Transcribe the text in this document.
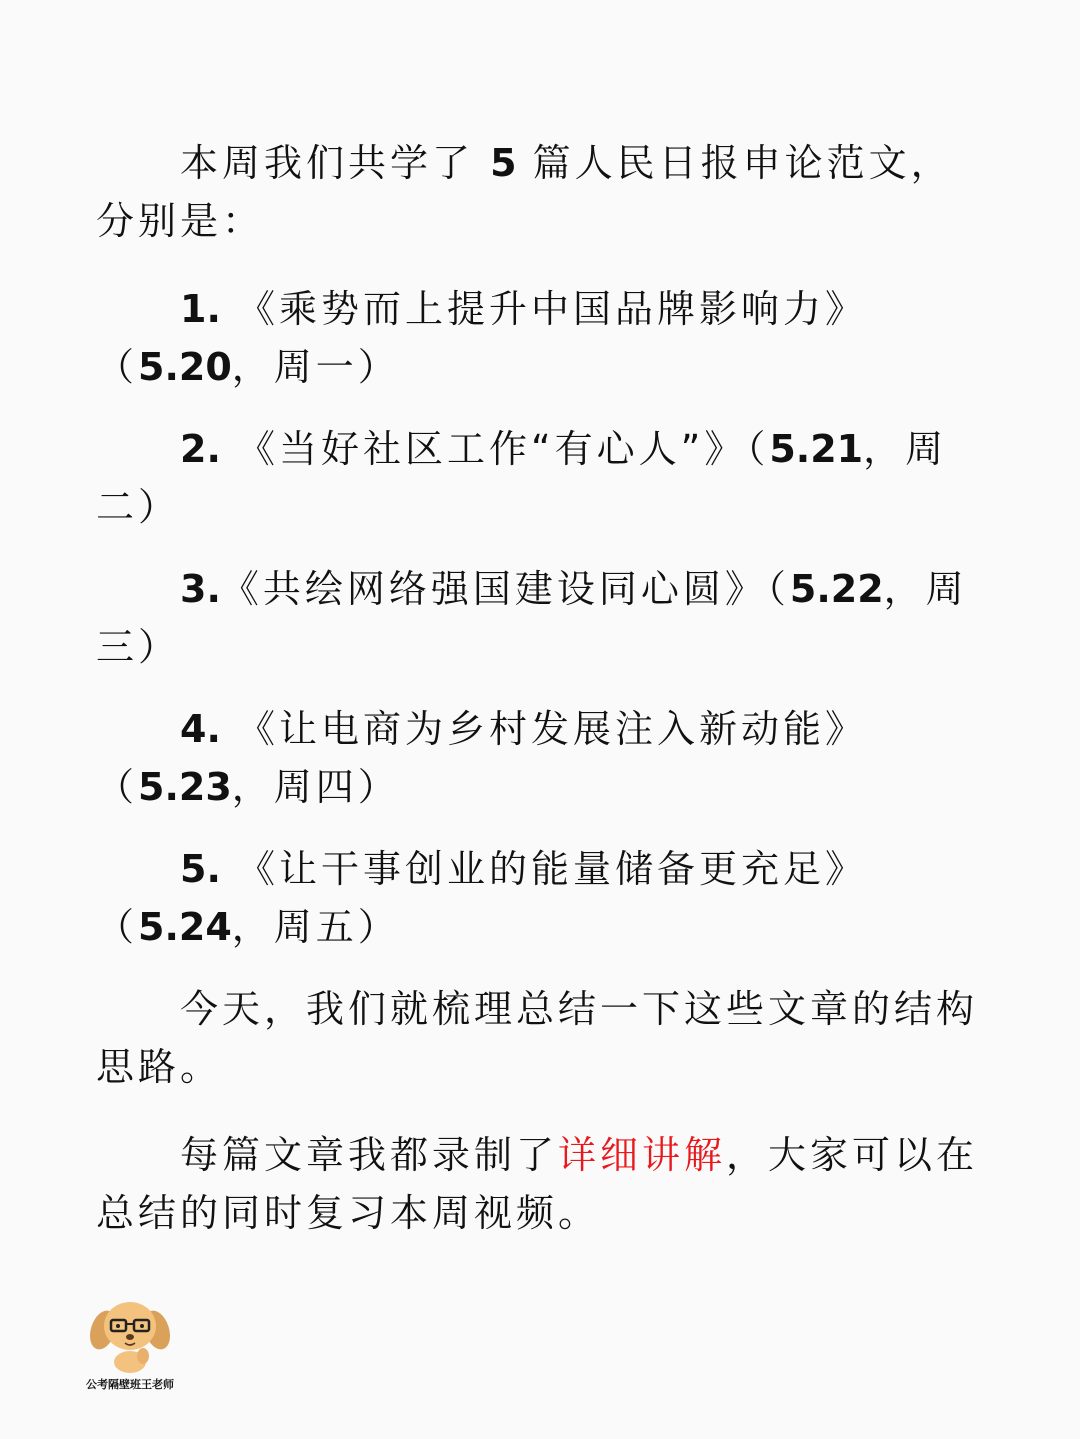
本周我们共学了 5 篇人民日报申论范文，分别是：

1. 《乘势而上提升中国品牌影响力》（5.20，周一）

2. 《当好社区工作“有心人”》（5.21，周二）

3.《共绘网络强国建设同心圆》（5.22，周三）

4. 《让电商为乡村发展注入新动能》（5.23，周四）

5. 《让干事创业的能量储备更充足》（5.24，周五）

今天，我们就梳理总结一下这些文章的结构思路。

每篇文章我都录制了详细讲解，大家可以在总结的同时复习本周视频。

公考隔壁班王老师
